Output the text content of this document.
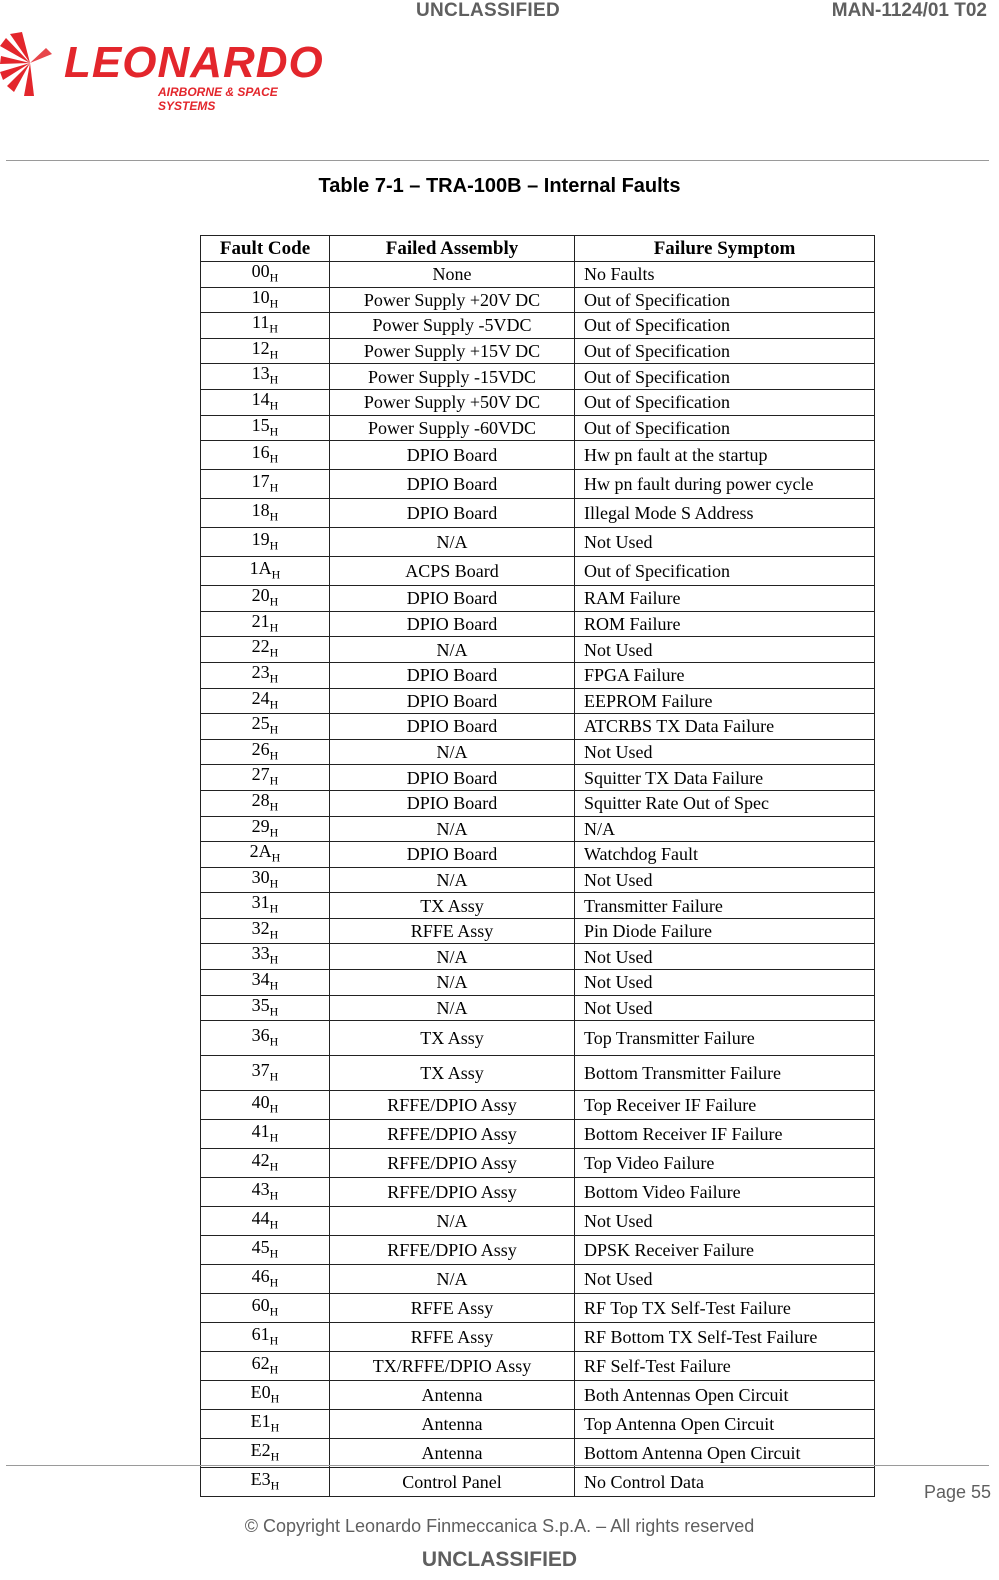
UNCLASSIFIED	MAN-1124/01 T02
LEONARDO
AIRBORNE & SPACE SYSTEMS
Table 7-1 – TRA-100B – Internal Faults
Fault Code	Failed Assembly	Failure Symptom
$00_H$	None	No Faults
$10_H$	Power Supply +20V DC	Out of Specification
$11_H$	Power Supply -5VDC	Out of Specification
$12_H$	Power Supply +15V DC	Out of Specification
$13_H$	Power Supply -15VDC	Out of Specification
$14_H$	Power Supply +50V DC	Out of Specification
$15_H$	Power Supply -60VDC	Out of Specification
$16_H$	DPIO Board	Hw pn fault at the startup
$17_H$	DPIO Board	Hw pn fault during power cycle
$18_H$	DPIO Board	Illegal Mode S Address
$19_H$	N/A	Not Used
$1A_H$	ACPS Board	Out of Specification
$20_H$	DPIO Board	RAM Failure
$21_H$	DPIO Board	ROM Failure
$22_H$	N/A	Not Used
$23_H$	DPIO Board	FPGA Failure
$24_H$	DPIO Board	EEPROM Failure
$25_H$	DPIO Board	ATCRBS TX Data Failure
$26_H$	N/A	Not Used
$27_H$	DPIO Board	Squitter TX Data Failure
$28_H$	DPIO Board	Squitter Rate Out of Spec
$29_H$	N/A	N/A
$2A_H$	DPIO Board	Watchdog Fault
$30_H$	N/A	Not Used
$31_H$	TX Assy	Transmitter Failure
$32_H$	RFFE Assy	Pin Diode Failure
$33_H$	N/A	Not Used
$34_H$	N/A	Not Used
$35_H$	N/A	Not Used
$36_H$	TX Assy	Top Transmitter Failure
$37_H$	TX Assy	Bottom Transmitter Failure
$40_H$	RFFE/DPIO Assy	Top Receiver IF Failure
$41_H$	RFFE/DPIO Assy	Bottom Receiver IF Failure
$42_H$	RFFE/DPIO Assy	Top Video Failure
$43_H$	RFFE/DPIO Assy	Bottom Video Failure
$44_H$	N/A	Not Used
$45_H$	RFFE/DPIO Assy	DPSK Receiver Failure
$46_H$	N/A	Not Used
$60_H$	RFFE Assy	RF Top TX Self-Test Failure
$61_H$	RFFE Assy	RF Bottom TX Self-Test Failure
$62_H$	TX/RFFE/DPIO Assy	RF Self-Test Failure
$E0_H$	Antenna	Both Antennas Open Circuit
$E1_H$	Antenna	Top Antenna Open Circuit
$E2_H$	Antenna	Bottom Antenna Open Circuit
$E3_H$	Control Panel	No Control Data	Page 55
© Copyright Leonardo Finmeccanica S.p.A. – All rights reserved
UNCLASSIFIED
